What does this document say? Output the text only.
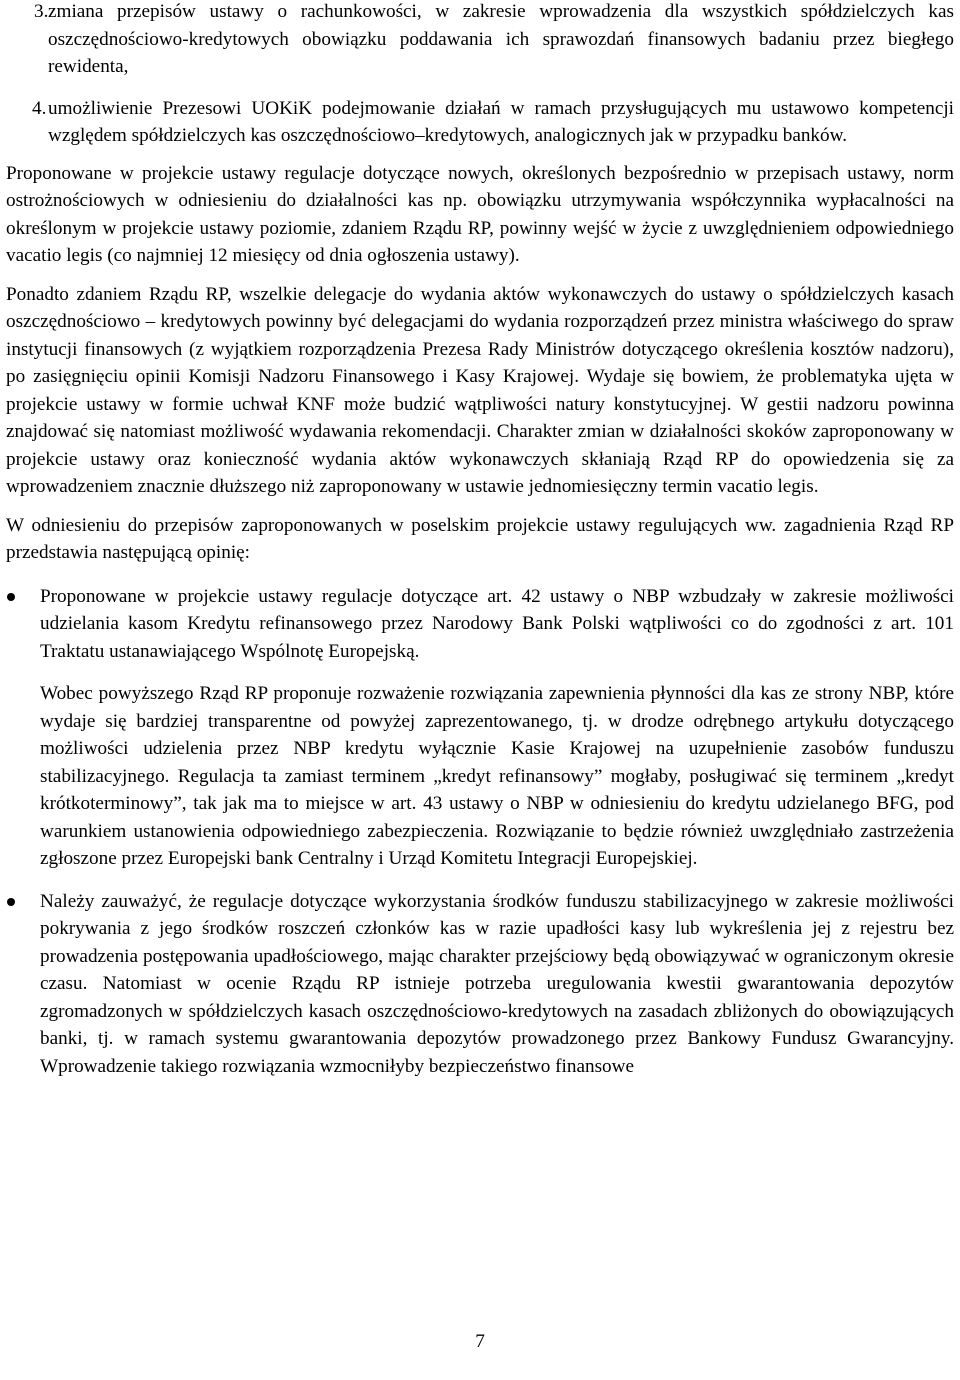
3. zmiana przepisów ustawy o rachunkowości, w zakresie wprowadzenia dla wszystkich spółdzielczych kas oszczędnościowo-kredytowych obowiązku poddawania ich sprawozdań finansowych badaniu przez biegłego rewidenta,
4. umożliwienie Prezesowi UOKiK podejmowanie działań w ramach przysługujących mu ustawowo kompetencji względem spółdzielczych kas oszczędnościowo–kredytowych, analogicznych jak w przypadku banków.

Proponowane w projekcie ustawy regulacje dotyczące nowych, określonych bezpośrednio w przepisach ustawy, norm ostrożnościowych w odniesieniu do działalności kas np. obowiązku utrzymywania współczynnika wypłacalności na określonym w projekcie ustawy poziomie, zdaniem Rządu RP, powinny wejść w życie z uwzględnieniem odpowiedniego vacatio legis (co najmniej 12 miesięcy od dnia ogłoszenia ustawy).

Ponadto zdaniem Rządu RP, wszelkie delegacje do wydania aktów wykonawczych do ustawy o spółdzielczych kasach oszczędnościowo – kredytowych powinny być delegacjami do wydania rozporządzeń przez ministra właściwego do spraw instytucji finansowych (z wyjątkiem rozporządzenia Prezesa Rady Ministrów dotyczącego określenia kosztów nadzoru), po zasięgnięciu opinii Komisji Nadzoru Finansowego i Kasy Krajowej. Wydaje się bowiem, że problematyka ujęta w projekcie ustawy w formie uchwał KNF może budzić wątpliwości natury konstytucyjnej. W gestii nadzoru powinna znajdować się natomiast możliwość wydawania rekomendacji. Charakter zmian w działalności skoków zaproponowany w projekcie ustawy oraz konieczność wydania aktów wykonawczych skłaniają Rząd RP do opowiedzenia się za wprowadzeniem znacznie dłuższego niż zaproponowany w ustawie jednomiesięczny termin vacatio legis.

W odniesieniu do przepisów zaproponowanych w poselskim projekcie ustawy regulujących ww. zagadnienia Rząd RP przedstawia następującą opinię:

Proponowane w projekcie ustawy regulacje dotyczące art. 42 ustawy o NBP wzbudzały w zakresie możliwości udzielania kasom Kredytu refinansowego przez Narodowy Bank Polski wątpliwości co do zgodności z art. 101 Traktatu ustanawiającego Wspólnotę Europejską.

Wobec powyższego Rząd RP proponuje rozważenie rozwiązania zapewnienia płynności dla kas ze strony NBP, które wydaje się bardziej transparentne od powyżej zaprezentowanego, tj. w drodze odrębnego artykułu dotyczącego możliwości udzielenia przez NBP kredytu wyłącznie Kasie Krajowej na uzupełnienie zasobów funduszu stabilizacyjnego. Regulacja ta zamiast terminem „kredyt refinansowy” mogłaby, posługiwać się terminem „kredyt krótkoterminowy”, tak jak ma to miejsce w art. 43 ustawy o NBP w odniesieniu do kredytu udzielanego BFG, pod warunkiem ustanowienia odpowiedniego zabezpieczenia. Rozwiązanie to będzie również uwzględniało zastrzeżenia zgłoszone przez Europejski bank Centralny i Urząd Komitetu Integracji Europejskiej.

Należy zauważyć, że regulacje dotyczące wykorzystania środków funduszu stabilizacyjnego w zakresie możliwości pokrywania z jego środków roszczeń członków kas w razie upadłości kasy lub wykreślenia jej z rejestru bez prowadzenia postępowania upadłościowego, mając charakter przejściowy będą obowiązywać w ograniczonym okresie czasu. Natomiast w ocenie Rządu RP istnieje potrzeba uregulowania kwestii gwarantowania depozytów zgromadzonych w spółdzielczych kasach oszczędnościowo-kredytowych na zasadach zbliżonych do obowiązujących banki, tj. w ramach systemu gwarantowania depozytów prowadzonego przez Bankowy Fundusz Gwarancyjny. Wprowadzenie takiego rozwiązania wzmocniłyby bezpieczeństwo finansowe
7
